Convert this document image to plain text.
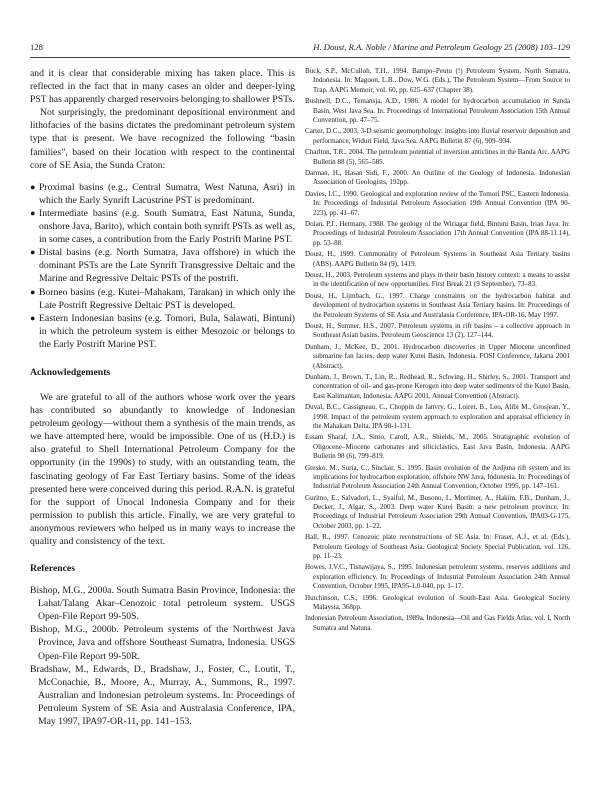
128	H. Doust, R.A. Noble / Marine and Petroleum Geology 25 (2008) 103–129

and it is clear that considerable mixing has taken place. This is reflected in the fact that in many cases an older and deeper-lying PST has apparently charged reservoirs belonging to shallower PSTs.

Not surprisingly, the predominant depositional environment and lithofacies of the basins dictates the predominant petroleum system type that is present. We have recognized the following “basin families”, based on their location with respect to the continental core of SE Asia, the Sunda Craton:

● Proximal basins (e.g., Central Sumatra, West Natuna, Asri) in which the Early Synrift Lacustrine PST is predominant.
● Intermediate basins (e.g. South Sumatra, East Natuna, Sunda, onshore Java, Barito), which contain both synrift PSTs as well as, in some cases, a contribution from the Early Postrift Marine PST.
● Distal basins (e.g. North Sumatra, Java offshore) in which the dominant PSTs are the Late Synrift Transgressive Deltaic and the Marine and Regressive Deltaic PSTs of the postrift.
● Borneo basins (e.g. Kutei–Mahakam, Tarakan) in which only the Late Postrift Regressive Deltaic PST is developed.
● Eastern Indonesian basins (e.g. Tomori, Bula, Salawati, Bintuni) in which the petroleum system is either Mesozoic or belongs to the Early Postrift Marine PST.
Acknowledgements

We are grateful to all of the authors whose work over the years has contributed so abundantly to knowledge of Indonesian petroleum geology—without them a synthesis of the main trends, as we have attempted here, would be impossible. One of us (H.D.) is also grateful to Shell International Petroleum Company for the opportunity (in the 1990s) to study, with an outstanding team, the fascinating geology of Far East Tertiary basins. Some of the ideas presented here were conceived during this period. R.A.N. is grateful for the support of Unocal Indonesia Company and for their permission to publish this article. Finally, we are very grateful to anonymous reviewers who helped us in many ways to increase the quality and consistency of the text.

References

Bishop, M.G., 2000a. South Sumatra Basin Province, Indonesia: the Lahat/Talang Akar–Cenozoic total petroleum system. USGS Open-File Report 99-50S.

Bishop, M.G., 2000b. Petroleum systems of the Northwest Java Province, Java and offshore Southeast Sumatra, Indonesia. USGS Open-File Report 99-50R.

Bradshaw, M., Edwards, D., Bradshaw, J., Foster, C., Loutit, T., McConachie, B., Moore, A., Murray, A., Summons, R., 1997. Australian and Indonesian petroleum systems. In: Proceedings of Petroleum System of SE Asia and Australasia Conference, IPA, May 1997, IPA97-OR-11, pp. 141–153.

Buck, S.P., McCulloh, T.H., 1994. Bampo–Peutu (!) Petroleum System, North Sumatra, Indonesia. In: Magoon, L.B., Dow, W.G. (Eds.), The Petroleum System—From Source to Trap. AAPG Memoir, vol. 60, pp. 625–637 (Chapter 38).

Bushnell, D.C., Temansja, A.D., 1986. A model for hydrocarbon accumulation in Sunda Basin, West Java Sea. In: Proceedings of International Petroleum Association 15th Annual Convention, pp. 47–75.

Carter, D.C., 2003. 3-D seismic geomorphology: insights into fluvial reservoir deposition and performance, Widuri Field, Java Sea. AAPG Bulletin 87 (6), 909–934.

Charlton, T.R., 2004. The petroleum potential of inversion anticlines in the Banda Arc. AAPG Bulletin 88 (5), 565–585.

Darman, H., Hasan Sidi, F., 2000. An Outline of the Geology of Indonesia. Indonesian Association of Geologists, 192pp.

Davies, I.C., 1990. Geological and exploration review of the Tomori PSC, Eastern Indonesia. In: Proceedings of Industrial Petroleum Association 19th Annual Convention (IPA 90-223), pp. 41–67.

Dolan, P.J., Hermany, 1988. The geology of the Wiriagar field, Bintuni Basin, Irian Jaya. In: Proceedings of Industrial Petroleum Association 17th Annual Convention (IPA 88-11.14), pp. 53–88.

Doust, H., 1999. Commonality of Petroleum Systems in Southeast Asia Tertiary basins (ABS). AAPG Bulletin 84 (9), 1419.

Doust, H., 2003. Petroleum systems and plays in their basin history context: a means to assist in the identification of new opportunities. First Break 21 (9 September), 73–83.

Doust, H., Lijmbach, G., 1997. Charge constraints on the hydrocarbon habitat and development of hydrocarbon systems in Southeast Asia Tertiary basins. In: Proceedings of the Petroleum Systems of SE Asia and Australasia Conference, IPA-OR-16, May 1997.

Doust, H., Sumner, H.S., 2007. Petroleum systems in rift basins – a collective approach in Southeast Asian basins. Petroleum Geoscience 13 (2), 127–144.

Dunham, J., McKee, D., 2001. Hydrocarbon discoveries in Upper Miocene unconfined submarine fan facies, deep water Kutei Basin, Indonesia. FOSI Conference, Jakarta 2001 (Abstract).

Dunham, J., Brown, T., Lin, R., Redhead, R., Schwing, H., Shirley, S., 2001. Transport and concentration of oil- and gas-prone Kerogen into deep water sediments of the Kutei Basin, East Kalimantan, Indonesia. AAPG 2001, Annual Convention (Abstract).

Duval, B.C., Cassigneau, C., Choppin de Janvry, G., Loiret, B., Leo, Alibi M., Grosjean, Y., 1998. Impact of the petroleum system approach to exploration and appraisal efficiency in the Mahakam Delta. IPA 98-1-131.

Essam Sharaf, J.A., Simo, Caroll, A.R., Shields, M., 2005. Stratigraphic evolution of Oligocene–Miocene carbonates and siliciclastics, East Java Basin, Indonesia. AAPG Bulletin 98 (6), 799–819.

Gresko, M., Suria, C., Sinclair, S., 1995. Basin evolution of the Ardjuna rift system and its implications for hydrocarbon exploration, offshore NW Java, Indonesia. In: Proceedings of Industrial Petroleum Association 24th Annual Convention, October 1995, pp. 147–161.

Guritno, E., Salvadori, L., Syaiful, M., Busono, I., Mortimer, A., Hakim, F.B., Dunham, J., Decker, J., Algar, S., 2003. Deep water Kutei Basin: a new petroleum province. In: Proceedings of Industrial Petroleum Association 29th Annual Convention, IPA03-G-175, October 2003, pp. 1–22.

Hall, R., 1997. Cenozoic plate reconstructions of SE Asia. In: Fraser, A.J., et al. (Eds.), Petroleum Geology of Southeast Asia. Geological Society Special Publication, vol. 126, pp. 11–23.

Howes, J.V.C., Tisnawijaya, S., 1995. Indonesian petroleum systems, reserves additions and exploration efficiency. In: Proceedings of Industrial Petroleum Association 24th Annual Convention, October 1995, IPA95-1.0-040, pp. 1–17.

Hutchinson, C.S., 1996. Geological evolution of South-East Asia. Geological Society Malaysia, 368pp.

Indonesian Petroleum Association, 1989a. Indonesia—Oil and Gas Fields Atlas, vol. I, North Sumatra and Natuna.
